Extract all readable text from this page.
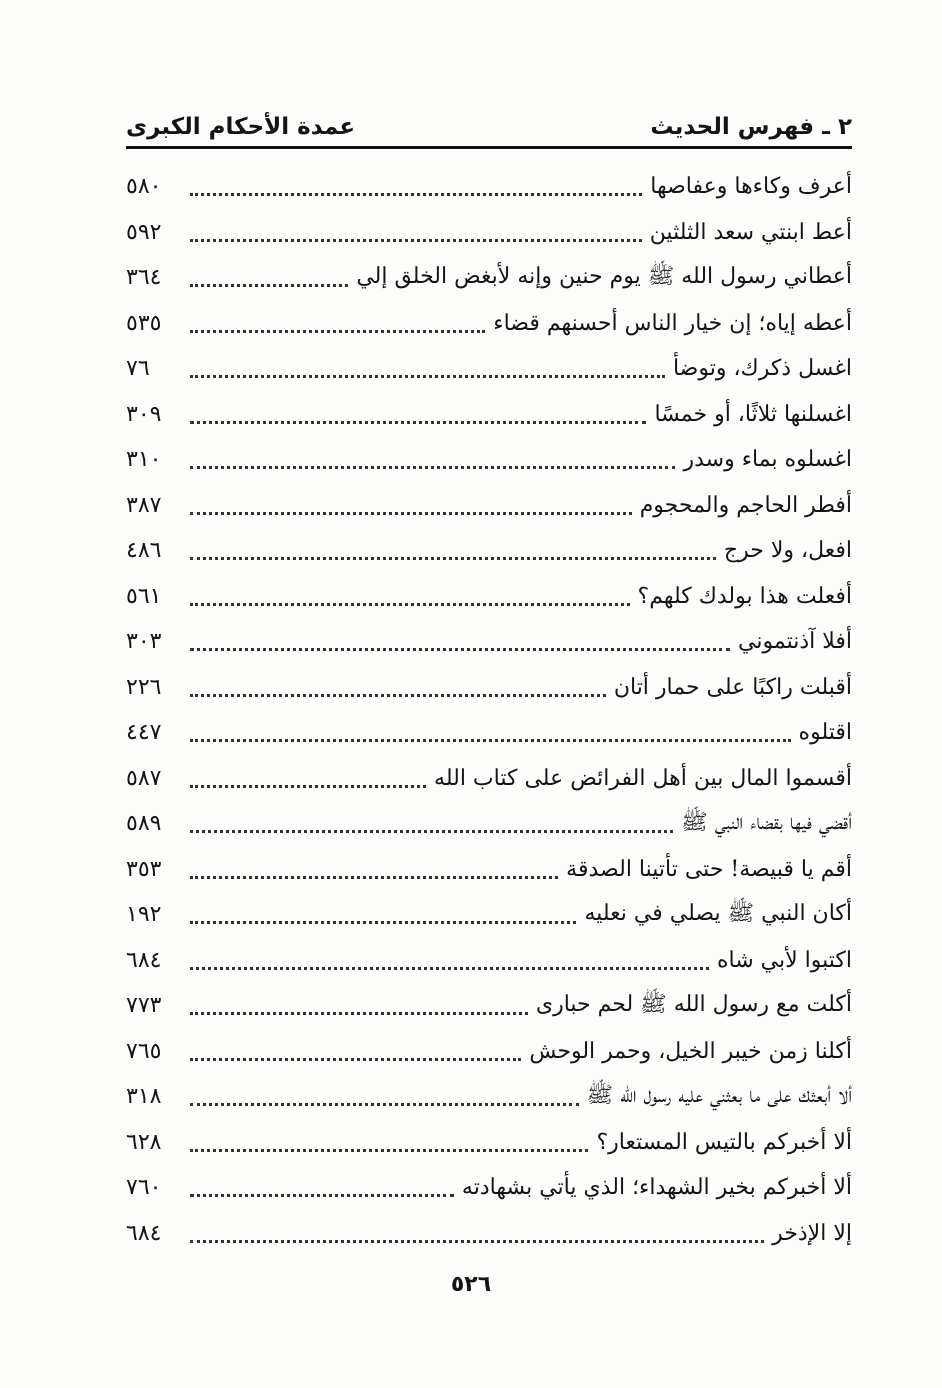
٢ ـ فهرس الحديث
عمدة الأحكام الكبرى
أعرف وكاءها وعفاصها
٥٨٠
أعط ابنتي سعد الثلثين
٥٩٢
أعطاني رسول الله ﷺ يوم حنين وإنه لأبغض الخلق إلي
٣٦٤
أعطه إياه؛ إن خيار الناس أحسنهم قضاء
٥٣٥
اغسل ذكرك، وتوضأ
٧٦
اغسلنها ثلاثًا، أو خمسًا
٣٠٩
اغسلوه بماء وسدر
٣١٠
أفطر الحاجم والمحجوم
٣٨٧
افعل، ولا حرج
٤٨٦
أفعلت هذا بولدك كلهم؟
٥٦١
أفلا آذنتموني
٣٠٣
أقبلت راكبًا على حمار أتان
٢٢٦
اقتلوه
٤٤٧
أقسموا المال بين أهل الفرائض على كتاب الله
٥٨٧
أقضي فيها بقضاء النبي ﷺ
٥٨٩
أقم يا قبيصة! حتى تأتينا الصدقة
٣٥٣
أكان النبي ﷺ يصلي في نعليه
١٩٢
اكتبوا لأبي شاه
٦٨٤
أكلت مع رسول الله ﷺ لحم حبارى
٧٧٣
أكلنا زمن خيبر الخيل، وحمر الوحش
٧٦٥
ألا أبعثك على ما بعثني عليه رسول الله ﷺ
٣١٨
ألا أخبركم بالتيس المستعار؟
٦٢٨
ألا أخبركم بخير الشهداء؛ الذي يأتي بشهادته
٧٦٠
إلا الإذخر
٦٨٤
٥٢٦
